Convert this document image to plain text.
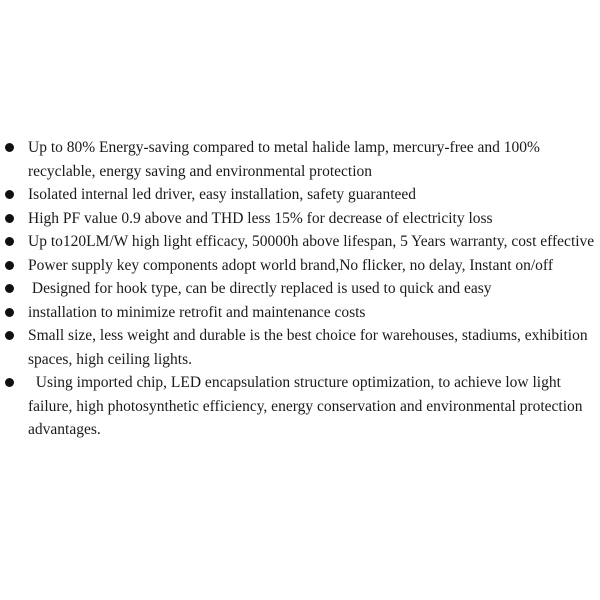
Up to 80% Energy-saving compared to metal halide lamp, mercury-free and 100% recyclable, energy saving and environmental protection
Isolated internal led driver, easy installation, safety guaranteed
High PF value 0.9 above and THD less 15% for decrease of electricity loss
Up to120LM/W high light efficacy, 50000h above lifespan, 5 Years warranty, cost effective
Power supply key components adopt world brand,No flicker, no delay, Instant on/off
Designed for hook type, can be directly replaced is used to quick and easy
installation to minimize retrofit and maintenance costs
Small size, less weight and durable is the best choice for warehouses, stadiums, exhibition spaces, high ceiling lights.
Using imported chip, LED encapsulation structure optimization, to achieve low light failure, high photosynthetic efficiency, energy conservation and environmental protection advantages.
